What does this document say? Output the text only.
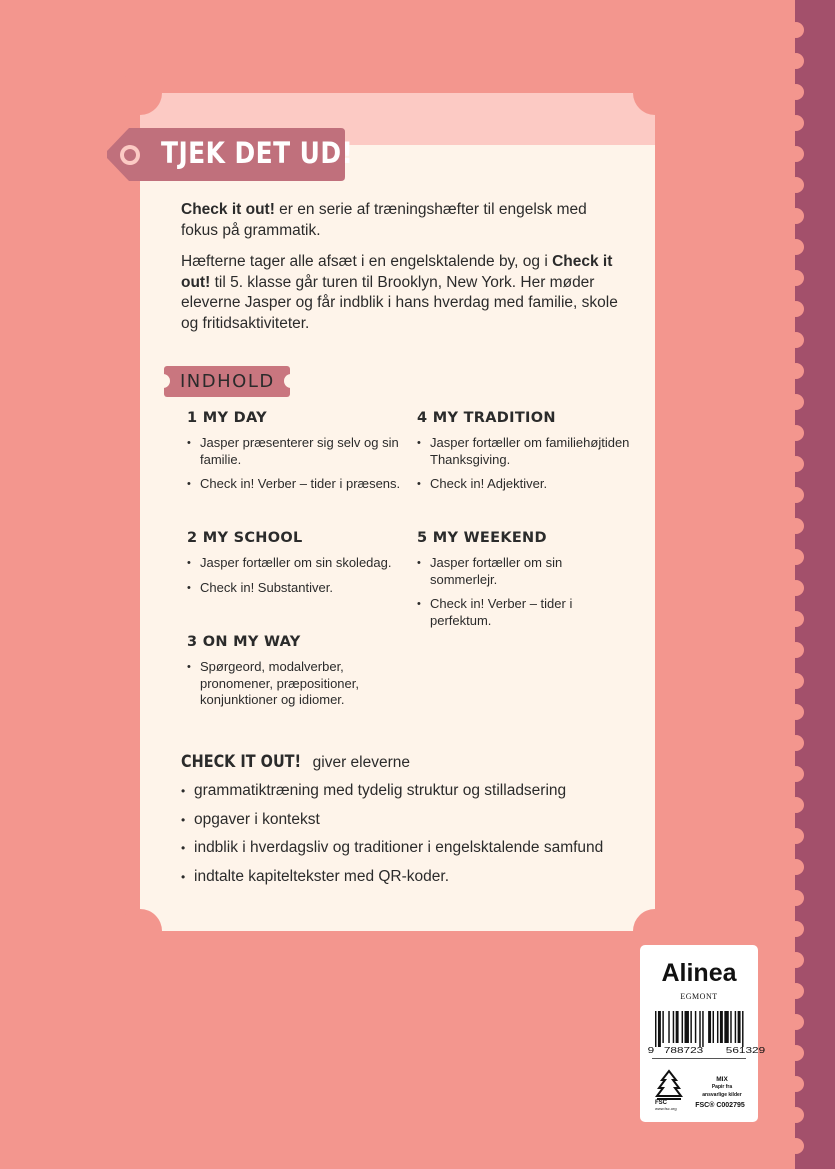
TJEK DET UD!

Check it out! er en serie af træningshæfter til engelsk med fokus på grammatik.

Hæfterne tager alle afsæt i en engelsktalende by, og i Check it out! til 5. klasse går turen til Brooklyn, New York. Her møder eleverne Jasper og får indblik i hans hverdag med familie, skole og fritidsaktiviteter.

INDHOLD
1 MY DAY
• Jasper præsenterer sig selv og sin familie.
• Check in! Verber – tider i præsens.
2 MY SCHOOL
• Jasper fortæller om sin skoledag.
• Check in! Substantiver.
3 ON MY WAY
• Spørgeord, modalverber, pronomener, præpositioner, konjunktioner og idiomer.
4 MY TRADITION
• Jasper fortæller om familiehøjtiden Thanksgiving.
• Check in! Adjektiver.
5 MY WEEKEND
• Jasper fortæller om sin sommerlejr.
• Check in! Verber – tider i perfektum.
CHECK IT OUT! giver eleverne
• grammatiktræning med tydelig struktur og stilladsering
• opgaver i kontekst
• indblik i hverdagsliv og traditioner i engelsktalende samfund
• indtalte kapiteltekster med QR-koder.
Alinea
EGMONT
9 788723	561329
FSC
www.fsc.org
MIX
Papir fra
ansvarlige kilder
FSC® C002795
